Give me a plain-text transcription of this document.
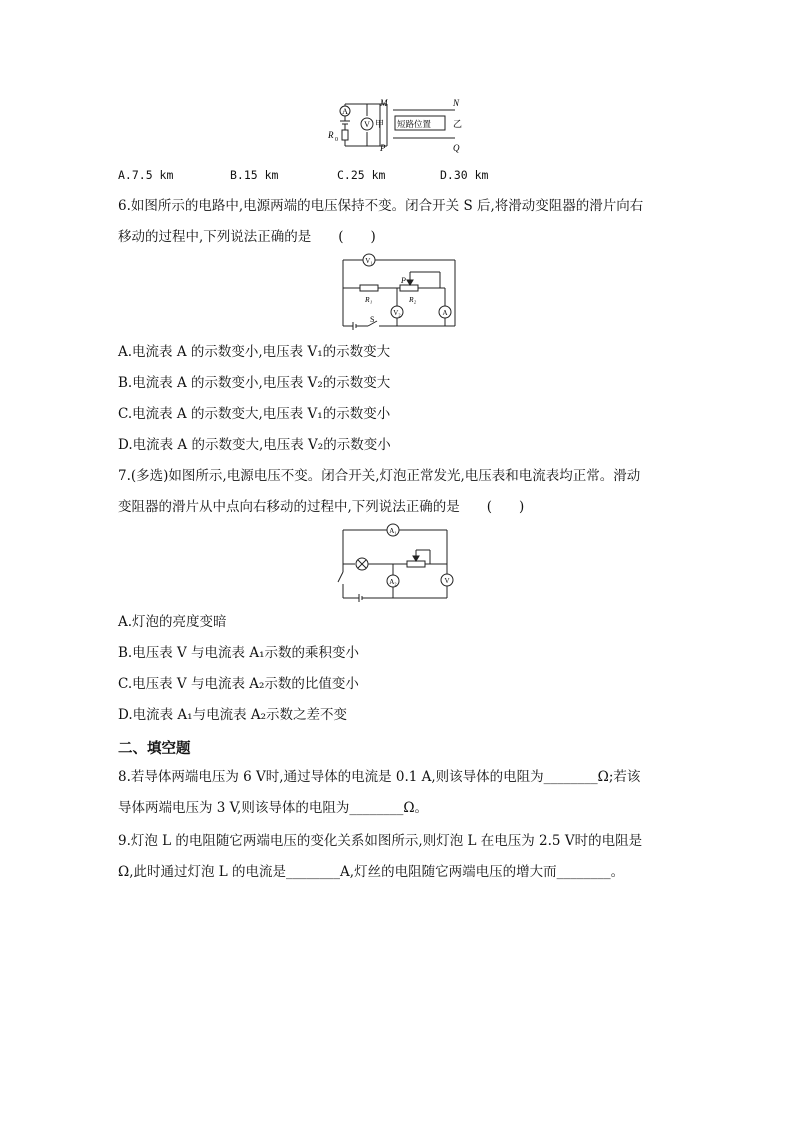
A
V
R 0
M	N
P	Q
甲 短路位置 乙
A.7.5 km	B.15 km	C.25 km	D.30 km
6.如图所示的电路中,电源两端的电压保持不变。闭合开关 S 后,将滑动变阻器的滑片向右
移动的过程中,下列说法正确的是　　(　　)
V₁
V₂	A
P
R₁	R₂
S
A.电流表 A 的示数变小,电压表 V₁的示数变大
B.电流表 A 的示数变小,电压表 V₂的示数变大
C.电流表 A 的示数变大,电压表 V₁的示数变小
D.电流表 A 的示数变大,电压表 V₂的示数变小
7.(多选)如图所示,电源电压不变。闭合开关,灯泡正常发光,电压表和电流表均正常。滑动
变阻器的滑片从中点向右移动的过程中,下列说法正确的是　　(　　)
A₁
A₂	V
A.灯泡的亮度变暗
B.电压表 V 与电流表 A₁示数的乘积变小
C.电压表 V 与电流表 A₂示数的比值变小
D.电流表 A₁与电流表 A₂示数之差不变
二、填空题
8.若导体两端电压为 6 V时,通过导体的电流是 0.1 A,则该导体的电阻为________Ω;若该
导体两端电压为 3 V,则该导体的电阻为________Ω。
9.灯泡 L 的电阻随它两端电压的变化关系如图所示,则灯泡 L 在电压为 2.5 V时的电阻是
Ω,此时通过灯泡 L 的电流是________A,灯丝的电阻随它两端电压的增大而________。
